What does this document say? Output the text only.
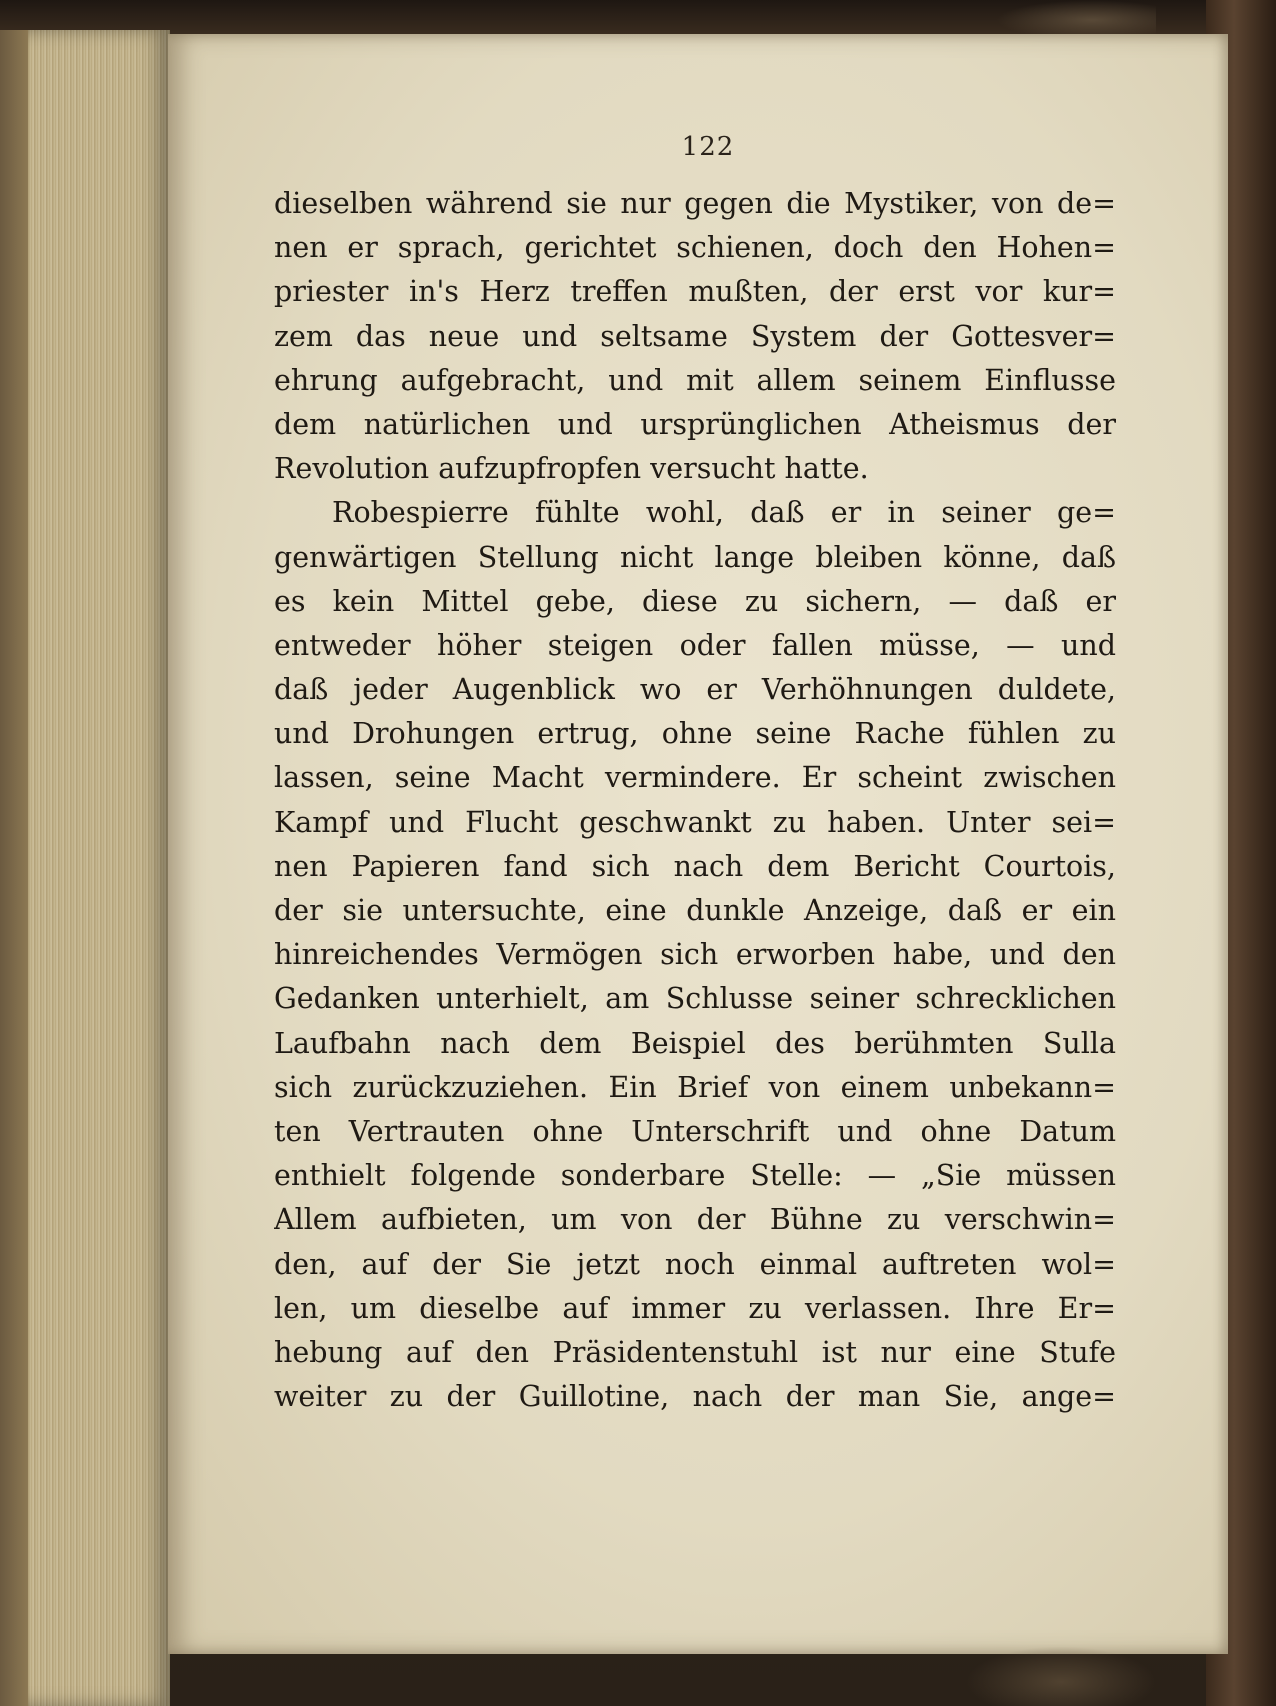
122
dieselben während sie nur gegen die Mystiker, von de=
nen er sprach, gerichtet schienen, doch den Hohen=
priester in's Herz treffen mußten, der erst vor kur=
zem das neue und seltsame System der Gottesver=
ehrung aufgebracht, und mit allem seinem Einflusse
dem natürlichen und ursprünglichen Atheismus der
Revolution aufzupfropfen versucht hatte.
Robespierre fühlte wohl, daß er in seiner ge=
genwärtigen Stellung nicht lange bleiben könne, daß
es kein Mittel gebe, diese zu sichern, — daß er
entweder höher steigen oder fallen müsse, — und
daß jeder Augenblick wo er Verhöhnungen duldete,
und Drohungen ertrug, ohne seine Rache fühlen zu
lassen, seine Macht vermindere. Er scheint zwischen
Kampf und Flucht geschwankt zu haben. Unter sei=
nen Papieren fand sich nach dem Bericht Courtois,
der sie untersuchte, eine dunkle Anzeige, daß er ein
hinreichendes Vermögen sich erworben habe, und den
Gedanken unterhielt, am Schlusse seiner schrecklichen
Laufbahn nach dem Beispiel des berühmten Sulla
sich zurückzuziehen. Ein Brief von einem unbekann=
ten Vertrauten ohne Unterschrift und ohne Datum
enthielt folgende sonderbare Stelle: — „Sie müssen
Allem aufbieten, um von der Bühne zu verschwin=
den, auf der Sie jetzt noch einmal auftreten wol=
len, um dieselbe auf immer zu verlassen. Ihre Er=
hebung auf den Präsidentenstuhl ist nur eine Stufe
weiter zu der Guillotine, nach der man Sie, ange=
